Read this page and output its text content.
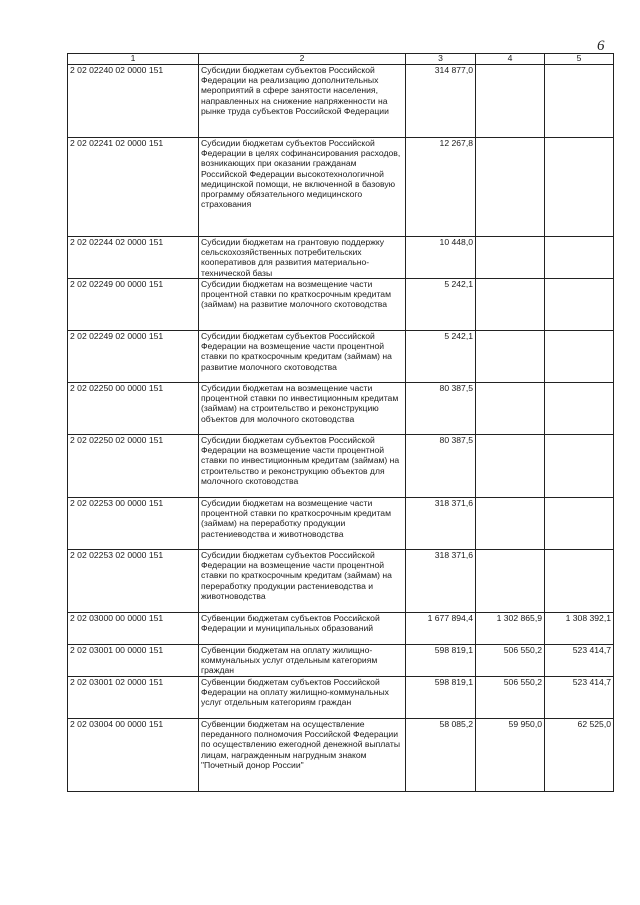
6
1	2	3	4	5
2 02 02240 02 0000 151	Субсидии бюджетам субъектов Российской Федерации на реализацию дополнительных мероприятий в сфере занятости населения, направленных на снижение напряженности на рынке труда субъектов Российской Федерации	314 877,0		
2 02 02241 02 0000 151	Субсидии бюджетам субъектов Российской Федерации в целях софинансирования расходов, возникающих при оказании гражданам Российской Федерации высокотехнологичной медицинской помощи, не включенной в базовую программу обязательного медицинского страхования	12 267,8		
2 02 02244 02 0000 151	Субсидии бюджетам на грантовую поддержку сельскохозяйственных потребительских кооперативов для развития материально-технической базы	10 448,0		
2 02 02249 00 0000 151	Субсидии бюджетам на возмещение части процентной ставки по краткосрочным кредитам (займам) на развитие молочного скотоводства	5 242,1		
2 02 02249 02 0000 151	Субсидии бюджетам субъектов Российской Федерации на возмещение части процентной ставки по краткосрочным кредитам (займам) на развитие молочного скотоводства	5 242,1		
2 02 02250 00 0000 151	Субсидии бюджетам на возмещение части процентной ставки по инвестиционным кредитам (займам) на строительство и реконструкцию объектов для молочного скотоводства	80 387,5		
2 02 02250 02 0000 151	Субсидии бюджетам субъектов Российской Федерации на возмещение части процентной ставки по инвестиционным кредитам (займам) на строительство и реконструкцию объектов для молочного скотоводства	80 387,5		
2 02 02253 00 0000 151	Субсидии бюджетам на возмещение части процентной ставки по краткосрочным кредитам (займам) на переработку продукции растениеводства и животноводства	318 371,6		
2 02 02253 02 0000 151	Субсидии бюджетам субъектов Российской Федерации на возмещение части процентной ставки по краткосрочным кредитам (займам) на переработку продукции растениеводства и животноводства	318 371,6		
2 02 03000 00 0000 151	Субвенции бюджетам субъектов Российской Федерации и муниципальных образований	1 677 894,4	1 302 865,9	1 308 392,1
2 02 03001 00 0000 151	Субвенции бюджетам на оплату жилищно-коммунальных услуг отдельным категориям граждан	598 819,1	506 550,2	523 414,7
2 02 03001 02 0000 151	Субвенции бюджетам субъектов Российской Федерации на оплату жилищно-коммунальных услуг отдельным категориям граждан	598 819,1	506 550,2	523 414,7
2 02 03004 00 0000 151	Субвенции бюджетам на осуществление переданного полномочия Российской Федерации по осуществлению ежегодной денежной выплаты лицам, награжденным нагрудным знаком "Почетный донор России"	58 085,2	59 950,0	62 525,0
